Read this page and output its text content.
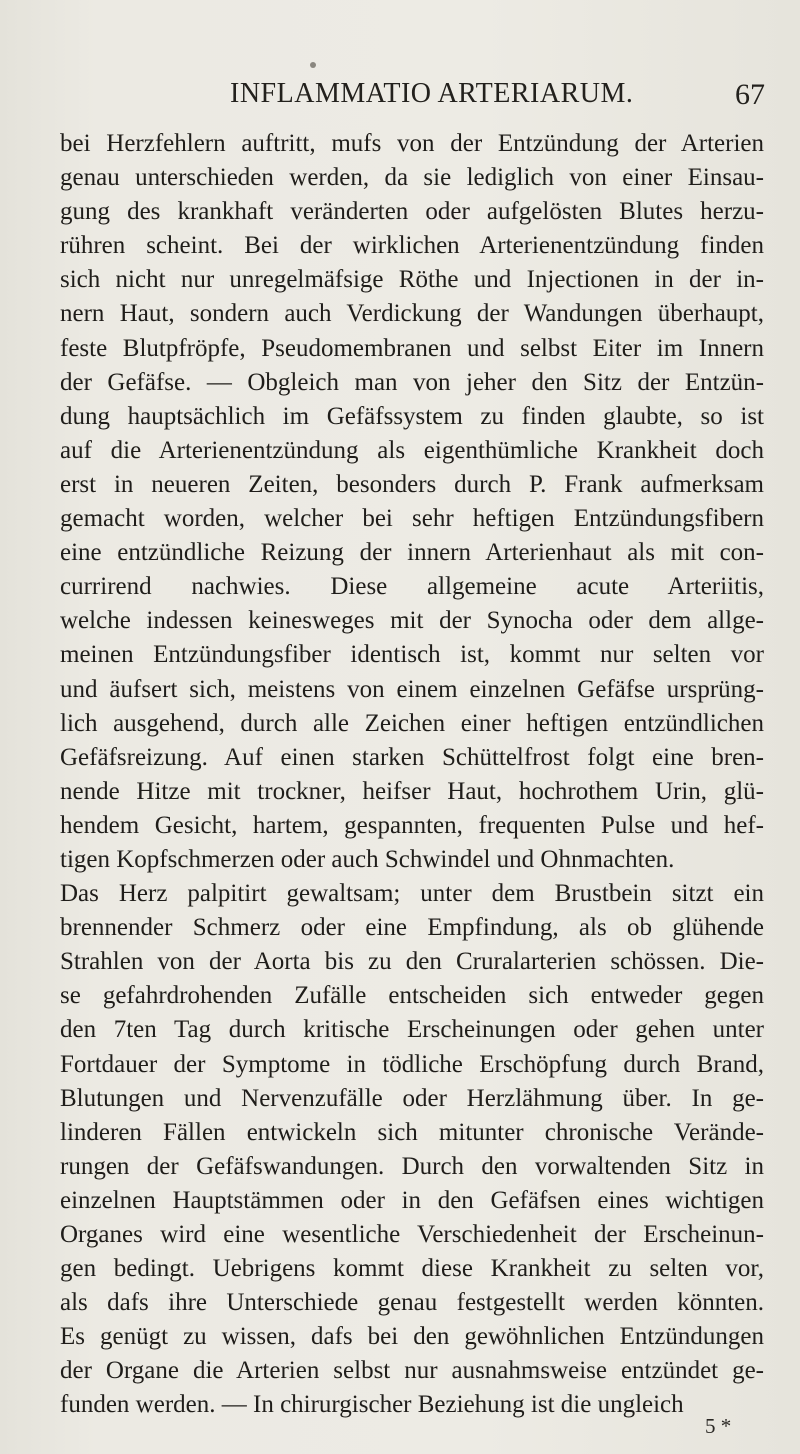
INFLAMMATIO ARTERIARUM.	67
bei Herzfehlern auftritt, mufs von der Entzündung der Arterien
genau unterschieden werden, da sie lediglich von einer Einsau-
gung des krankhaft veränderten oder aufgelösten Blutes herzu-
rühren scheint. Bei der wirklichen Arterienentzündung finden
sich nicht nur unregelmäfsige Röthe und Injectionen in der in-
nern Haut, sondern auch Verdickung der Wandungen überhaupt,
feste Blutpfröpfe, Pseudomembranen und selbst Eiter im Innern
der Gefäfse. — Obgleich man von jeher den Sitz der Entzün-
dung hauptsächlich im Gefäfssystem zu finden glaubte, so ist
auf die Arterienentzündung als eigenthümliche Krankheit doch
erst in neueren Zeiten, besonders durch P. Frank aufmerksam
gemacht worden, welcher bei sehr heftigen Entzündungsfibern
eine entzündliche Reizung der innern Arterienhaut als mit con-
currirend nachwies. Diese allgemeine acute Arteriitis,
welche indessen keinesweges mit der Synocha oder dem allge-
meinen Entzündungsfiber identisch ist, kommt nur selten vor
und äufsert sich, meistens von einem einzelnen Gefäfse ursprüng-
lich ausgehend, durch alle Zeichen einer heftigen entzündlichen
Gefäfsreizung. Auf einen starken Schüttelfrost folgt eine bren-
nende Hitze mit trockner, heifser Haut, hochrothem Urin, glü-
hendem Gesicht, hartem, gespannten, frequenten Pulse und hef-
tigen Kopfschmerzen oder auch Schwindel und Ohnmachten.
Das Herz palpitirt gewaltsam; unter dem Brustbein sitzt ein
brennender Schmerz oder eine Empfindung, als ob glühende
Strahlen von der Aorta bis zu den Cruralarterien schössen. Die-
se gefahrdrohenden Zufälle entscheiden sich entweder gegen
den 7ten Tag durch kritische Erscheinungen oder gehen unter
Fortdauer der Symptome in tödliche Erschöpfung durch Brand,
Blutungen und Nervenzufälle oder Herzlähmung über. In ge-
linderen Fällen entwickeln sich mitunter chronische Verände-
rungen der Gefäfswandungen. Durch den vorwaltenden Sitz in
einzelnen Hauptstämmen oder in den Gefäfsen eines wichtigen
Organes wird eine wesentliche Verschiedenheit der Erscheinun-
gen bedingt. Uebrigens kommt diese Krankheit zu selten vor,
als dafs ihre Unterschiede genau festgestellt werden könnten.
Es genügt zu wissen, dafs bei den gewöhnlichen Entzündungen
der Organe die Arterien selbst nur ausnahmsweise entzündet ge-
funden werden. — In chirurgischer Beziehung ist die ungleich
5 *
